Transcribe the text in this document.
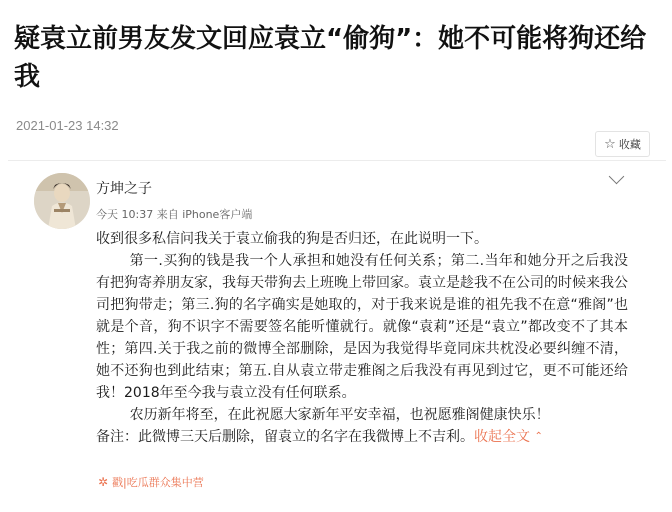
疑袁立前男友发文回应袁立“偷狗”：她不可能将狗还给我
2021-01-23 14:32
☆ 收藏
方坤之子
今天 10:37 来自 iPhone客户端

收到很多私信问我关于袁立偷我的狗是否归还，在此说明一下。

第一.买狗的钱是我一个人承担和她没有任何关系；第二.当年和她分开之后我没有把狗寄养朋友家，我每天带狗去上班晚上带回家。袁立是趁我不在公司的时候来我公司把狗带走；第三.狗的名字确实是她取的，对于我来说是谁的祖先我不在意“雅阁”也就是个音，狗不识字不需要签名能听懂就行。就像“袁莉”还是“袁立”都改变不了其本性；第四.关于我之前的微博全部删除，是因为我觉得毕竟同床共枕没必要纠缠不清，她不还狗也到此结束；第五.自从袁立带走雅阁之后我没有再见到过它，更不可能还给我！2018年至今我与袁立没有任何联系。

农历新年将至，在此祝愿大家新年平安幸福，也祝愿雅阁健康快乐！

备注：此微博三天后删除，留袁立的名字在我微博上不吉利。收起全文 ⌃

✲ 戳|吃瓜群众集中营
